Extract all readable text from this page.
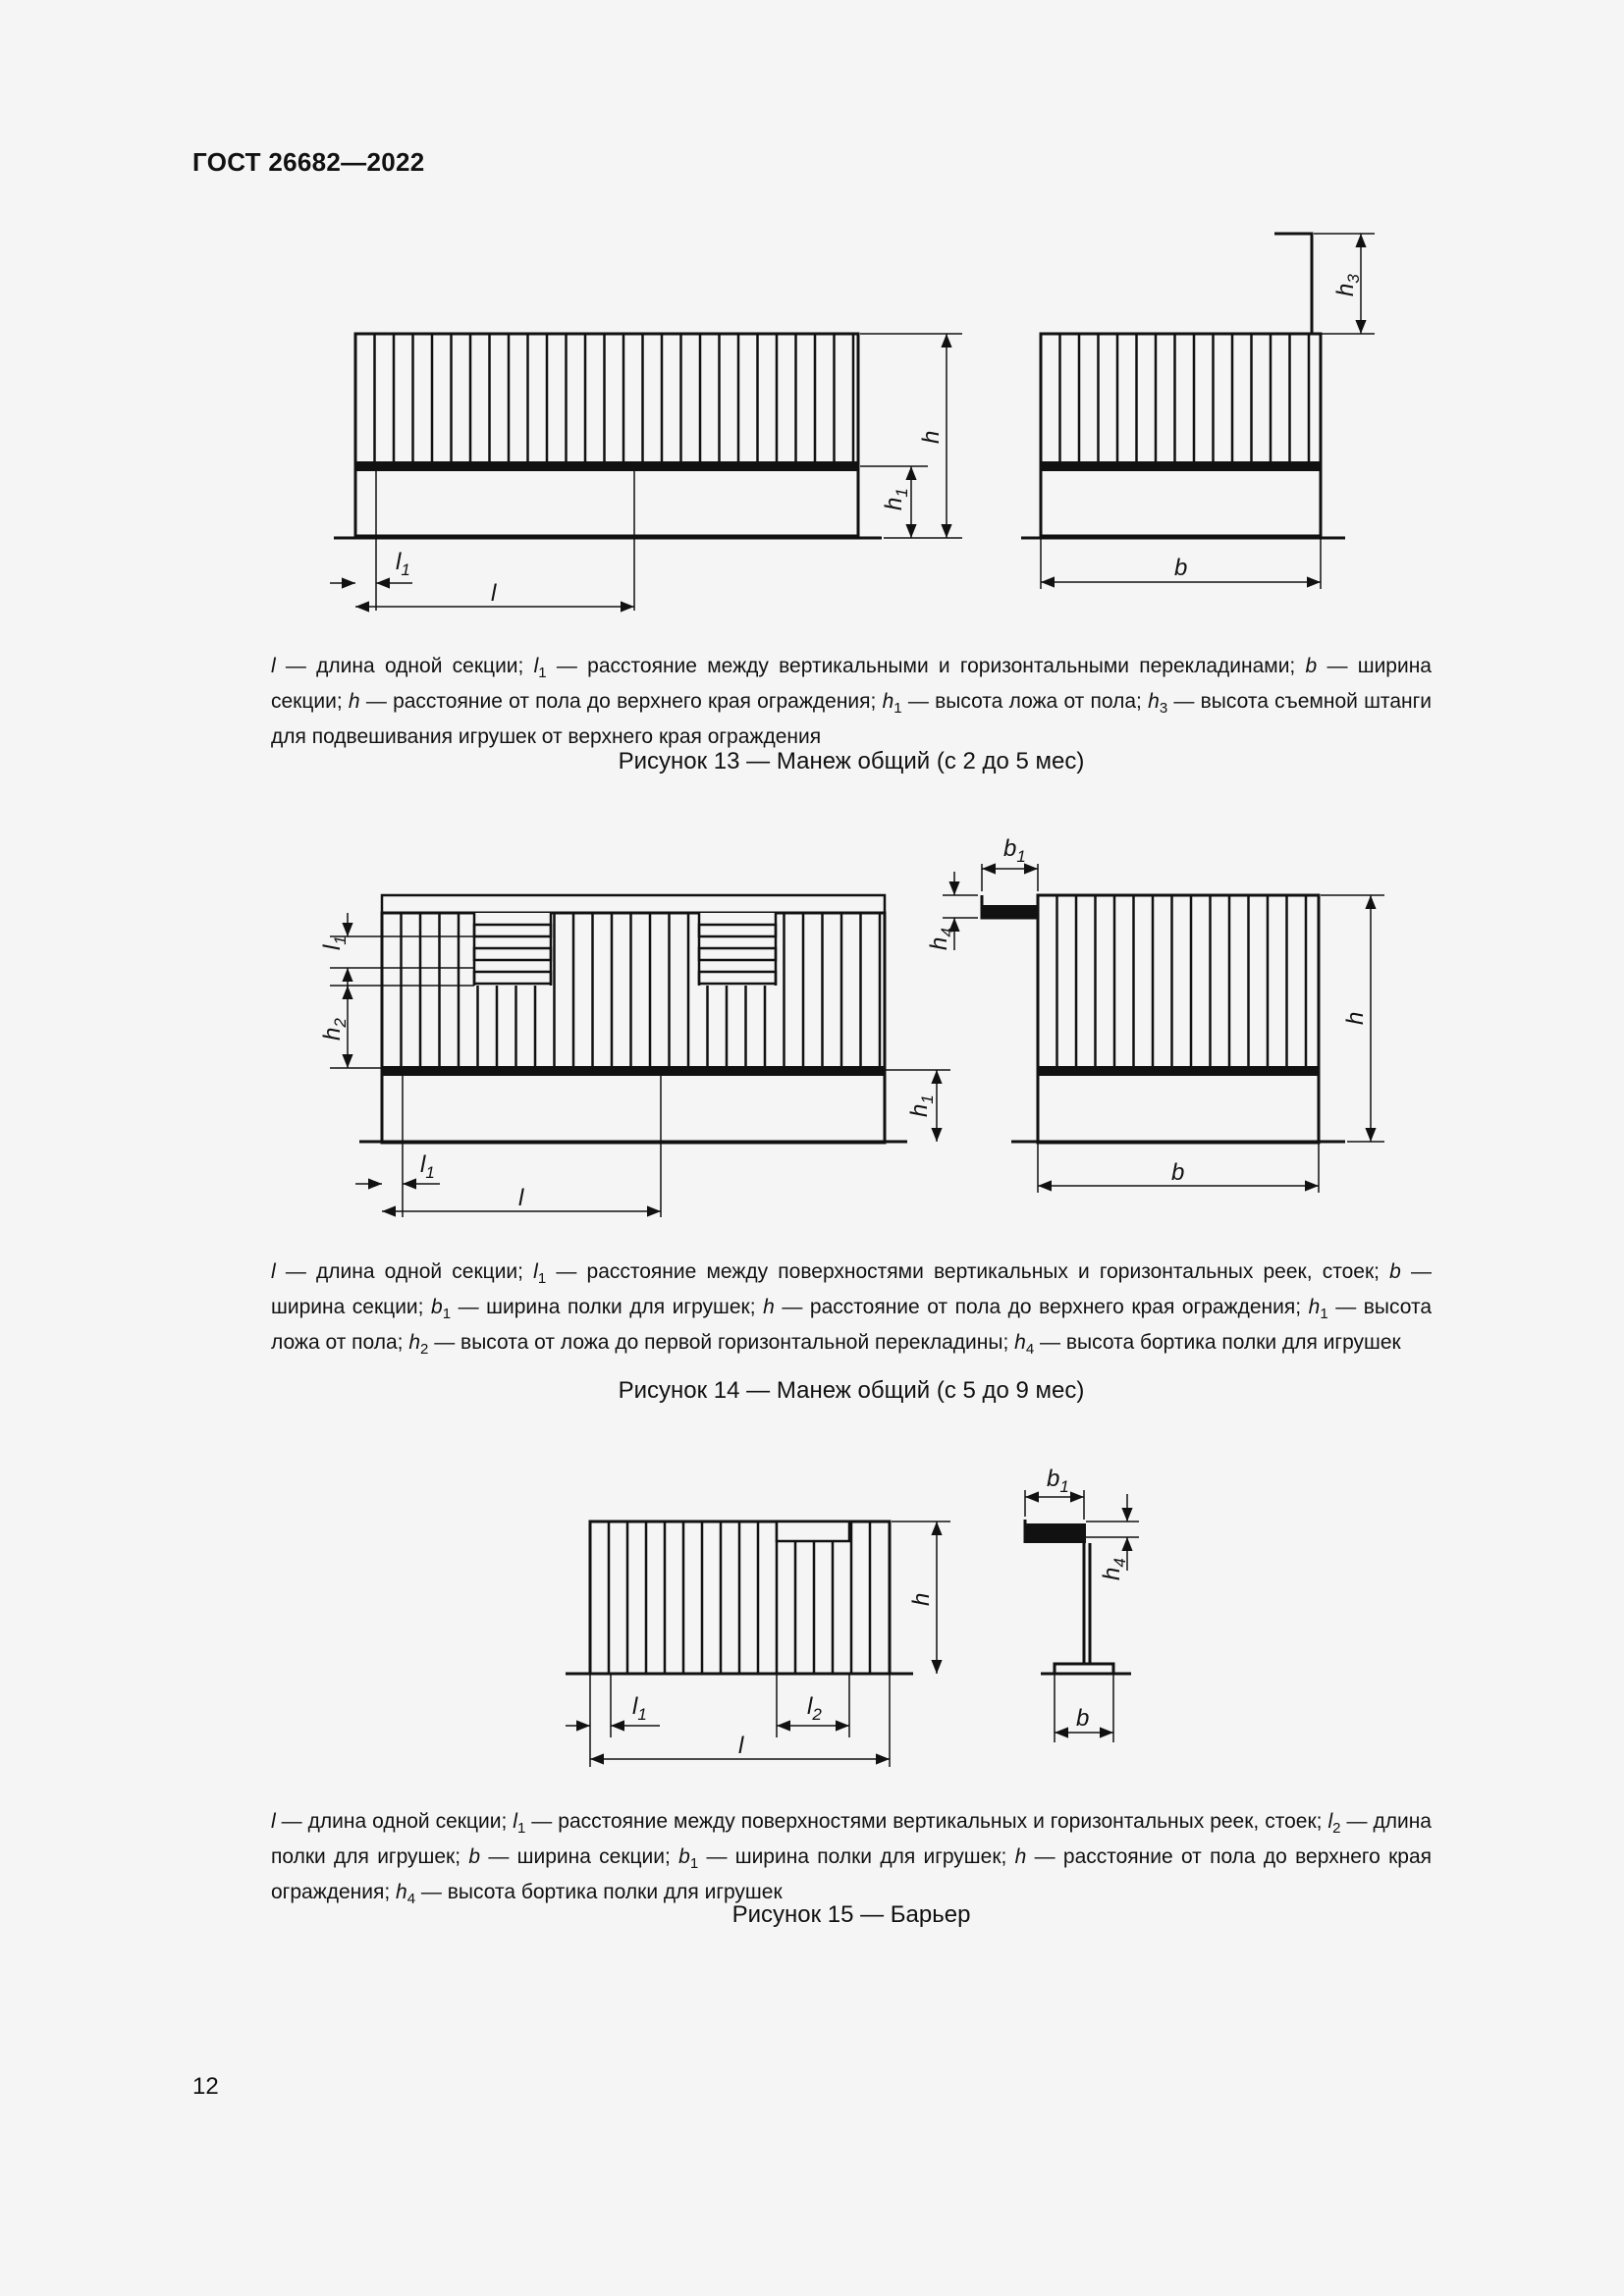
ГОСТ 26682—2022
$l_1$
l
h
$h_1$
$h_3$
b

l — длина одной секции; $l_1$ — расстояние между вертикальными и горизонтальными перекладинами; b — ширина секции; h — расстояние от пола до верхнего края ограждения; $h_1$ — высота ложа от пола; $h_3$ — высота съемной штанги для подвешивания игрушек от верхнего края ограждения

Рисунок 13 — Манеж общий (с 2 до 5 мес)
$l_1$
l
$l_1$
$h_2$
$h_1$
$h_4$
$b_1$
h
b

l — длина одной секции; $l_1$ — расстояние между поверхностями вертикальных и горизонтальных реек, стоек; b — ширина секции; $b_1$ — ширина полки для игрушек; h — расстояние от пола до верхнего края ограждения; $h_1$ — высота ложа от пола; $h_2$ — высота от ложа до первой горизонтальной перекладины; $h_4$ — высота бортика полки для игрушек

Рисунок 14 — Манеж общий (с 5 до 9 мес)
$l_1$	$l_2$
l
h
$b_1$
$h_4$
b

l — длина одной секции; $l_1$ — расстояние между поверхностями вертикальных и горизонтальных реек, стоек; $l_2$ — длина полки для игрушек; b — ширина секции; $b_1$ — ширина полки для игрушек; h — расстояние от пола до верхнего края ограждения; $h_4$ — высота бортика полки для игрушек

Рисунок 15 — Барьер
12
